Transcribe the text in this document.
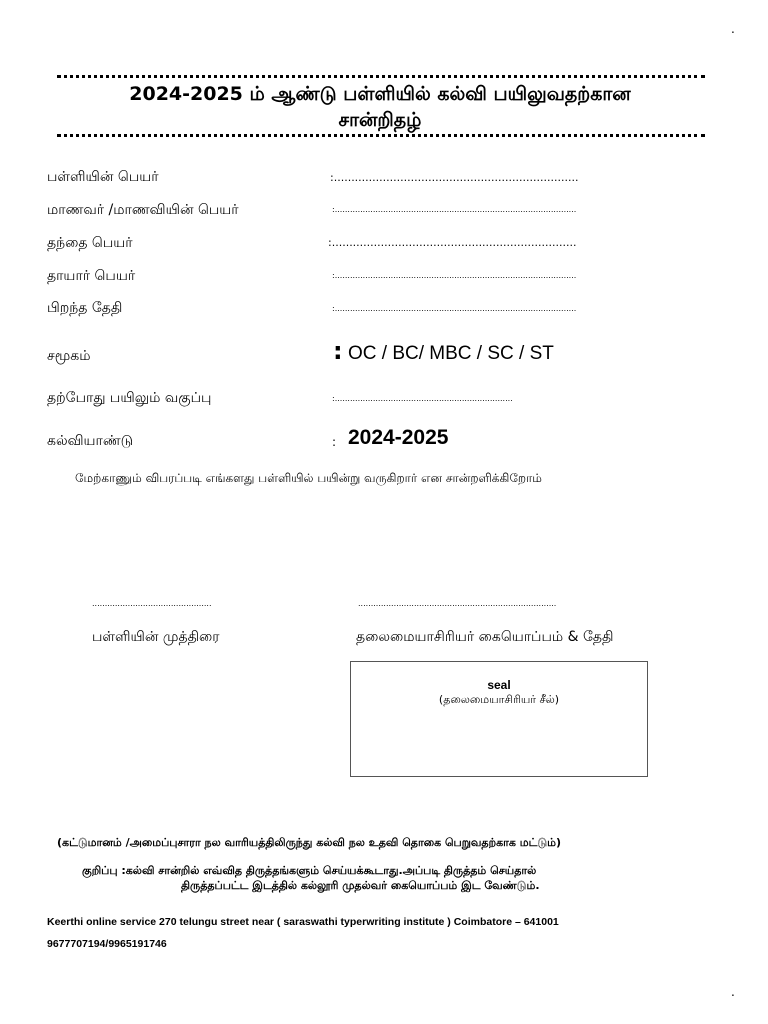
.
.
2024-2025 ம் ஆண்டு பள்ளியில் கல்வி பயிலுவதற்கான
சான்றிதழ்
பள்ளியின் பெயர்	:......................................................................
மாணவர் /மாணவியின் பெயர்	:...............................................................................................
தந்தை பெயர்	:......................................................................
தாயார் பெயர்	:...............................................................................................
பிறந்த தேதி	:...............................................................................................
சமூகம்	: OC / BC/ MBC / SC / ST
தற்போது பயிலும் வகுப்பு	:......................................................................
கல்வியாண்டு	: 2024-2025
மேற்காணும் விபரப்படி எங்களது பள்ளியில் பயின்று வருகிறார் என சான்றளிக்கிறோம்
...............................................	..............................................................................
பள்ளியின் முத்திரை	தலைமையாசிரியர் கையொப்பம் & தேதி
seal
(தலைமையாசிரியர் சீல்)
(கட்டுமானம் /அமைப்புசாரா நல வாரியத்திலிருந்து கல்வி நல உதவி தொகை பெறுவதற்காக மட்டும்)
குறிப்பு :கல்வி சான்றில் எவ்வித திருத்தங்களும் செய்யக்கூடாது.அப்படி திருத்தம் செய்தால்
திருத்தப்பட்ட இடத்தில் கல்லூரி முதல்வர் கையொப்பம் இட வேண்டும்.
Keerthi online service 270 telungu street near ( saraswathi typerwriting institute ) Coimbatore – 641001
9677707194/9965191746
